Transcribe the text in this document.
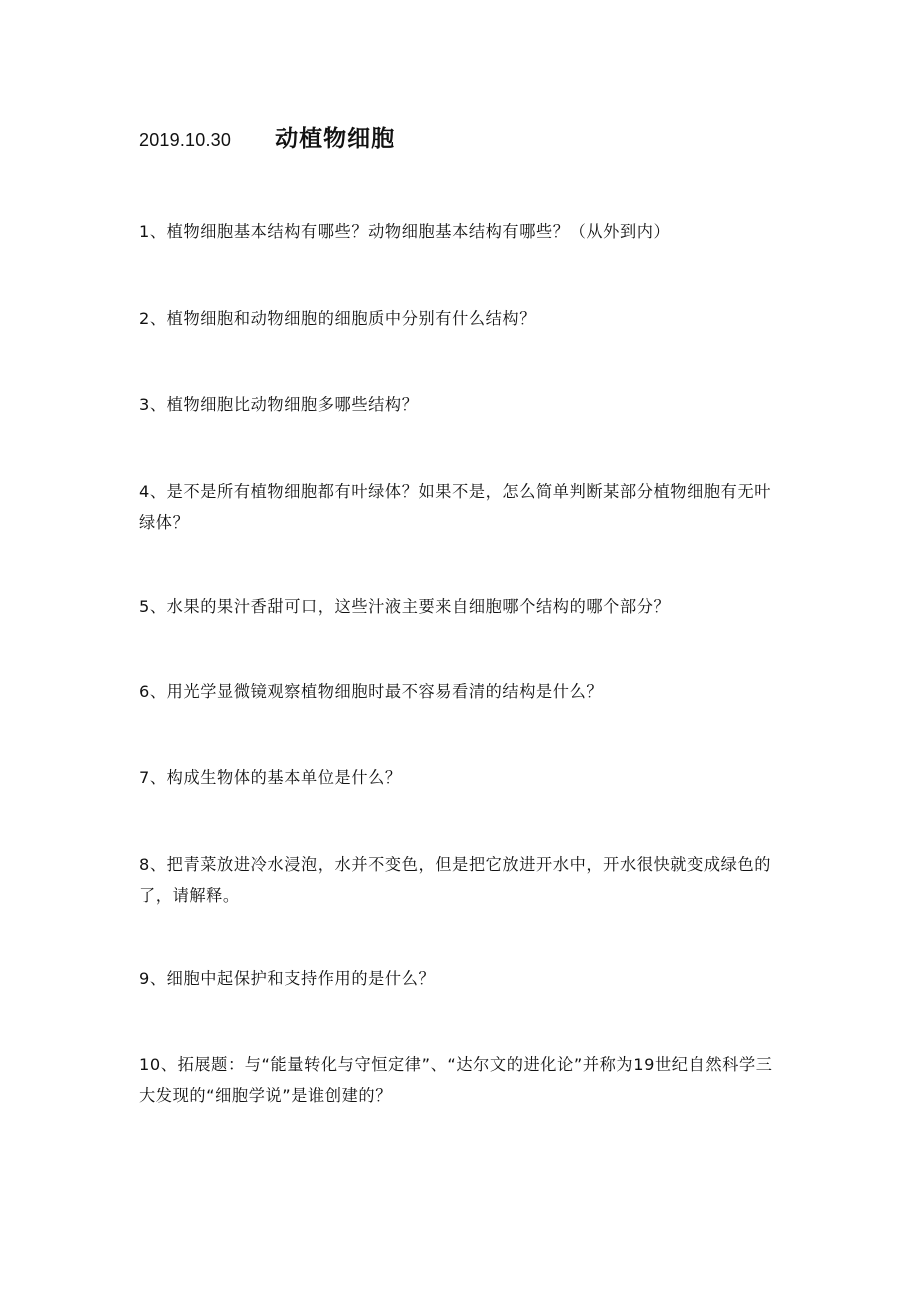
2019.10.30 动植物细胞
1、植物细胞基本结构有哪些？动物细胞基本结构有哪些？（从外到内）
2、植物细胞和动物细胞的细胞质中分别有什么结构？
3、植物细胞比动物细胞多哪些结构？
4、是不是所有植物细胞都有叶绿体？如果不是，怎么简单判断某部分植物细胞有无叶绿体？
5、水果的果汁香甜可口，这些汁液主要来自细胞哪个结构的哪个部分？
6、用光学显微镜观察植物细胞时最不容易看清的结构是什么？
7、构成生物体的基本单位是什么？
8、把青菜放进冷水浸泡，水并不变色，但是把它放进开水中，开水很快就变成绿色的了，请解释。
9、细胞中起保护和支持作用的是什么？
10、拓展题：与“能量转化与守恒定律”、“达尔文的进化论”并称为19世纪自然科学三大发现的“细胞学说”是谁创建的？
